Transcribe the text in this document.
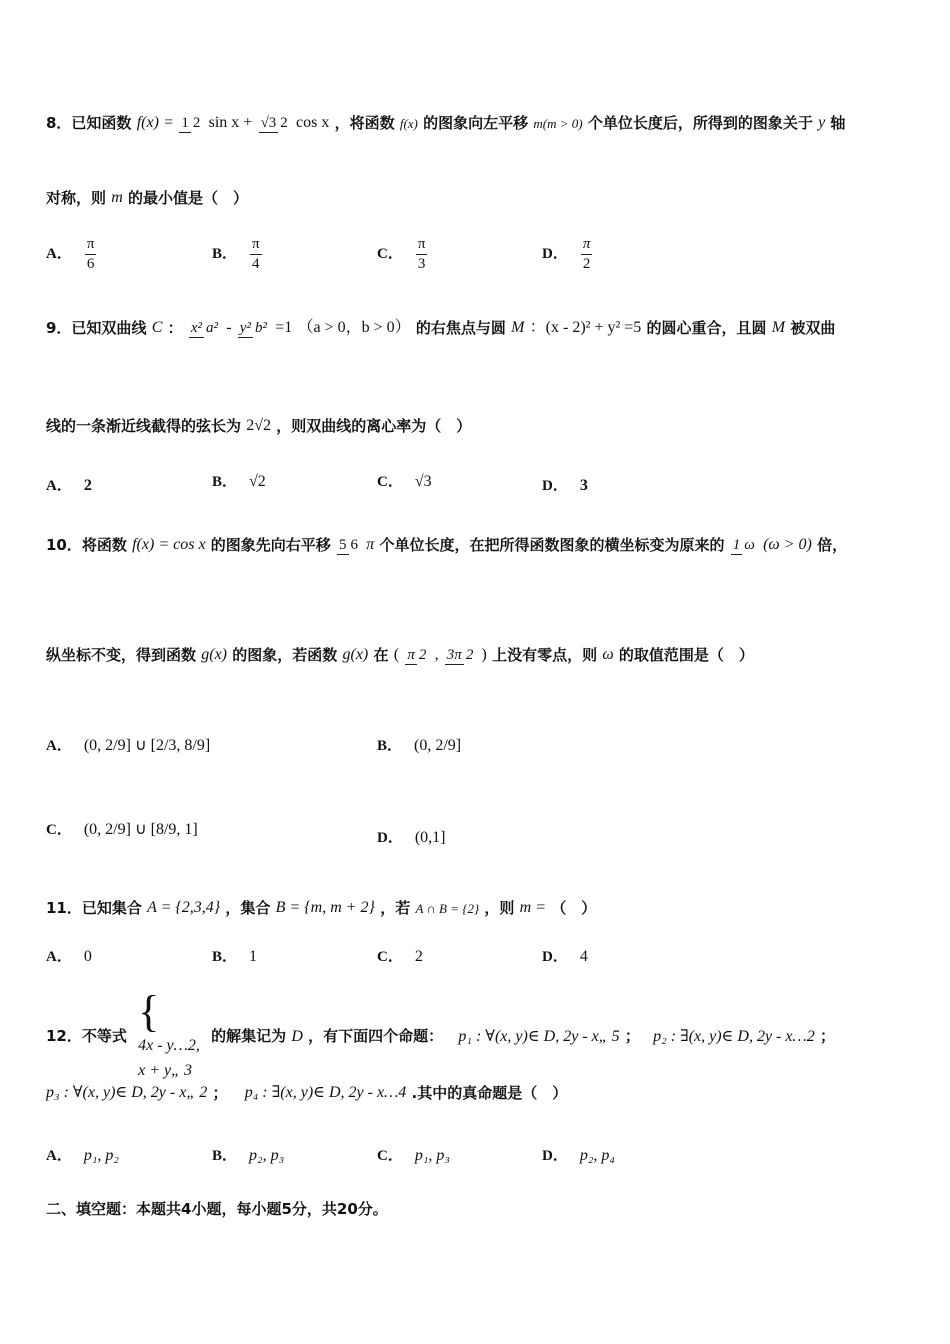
8．已知函数 f(x) = 1 2 sin x + √3 2 cos x ，将函数 f(x) 的图象向左平移 m(m > 0) 个单位长度后，所得到的图象关于 y 轴
对称，则 m 的最小值是（　）
A． $\frac{\pi}{6}$	B． $\frac{\pi}{4}$	C． $\frac{\pi}{3}$	D． $\frac{\pi}{2}$
9．已知双曲线 C ： x² a² - y² b² =1 （a > 0，b > 0） 的右焦点与圆 M ：(x - 2)² + y² =5 的圆心重合，且圆 M 被双曲
线的一条渐近线截得的弦长为 2√2 ，则双曲线的离心率为（　）
A． 2	B． √2	C． √3	D． 3
10．将函数 f(x) = cos x 的图象先向右平移 5 6 π 个单位长度，在把所得函数图象的横坐标变为原来的 1 ω (ω > 0) 倍，
纵坐标不变，得到函数 g(x) 的图象，若函数 g(x) 在 ( π 2 , 3π 2 ) 上没有零点，则 ω 的取值范围是（　）
A． (0, 2/9] ∪ [2/3, 8/9]	B． (0, 2/9]
C． (0, 2/9] ∪ [8/9, 1]	D． (0,1]
11．已知集合 A = {2,3,4} ，集合 B = {m, m + 2} ，若 A ∩ B = {2} ，则 m = （　）
A． 0	B． 1	C． 2	D． 4
12．不等式 {
4x - y…2,
x + y„ 3
的解集记为 D ，有下面四个命题： p₁ : ∀(x, y)∈ D, 2y - x„ 5 ； p₂ : ∃(x, y)∈ D, 2y - x…2 ；
p₃ : ∀(x, y)∈ D, 2y - x„ 2 ； p₄ : ∃(x, y)∈ D, 2y - x…4 .其中的真命题是（　）
A． p₁, p₂	B． p₂, p₃	C． p₁, p₃	D． p₂, p₄
二、填空题：本题共4小题，每小题5分，共20分。
